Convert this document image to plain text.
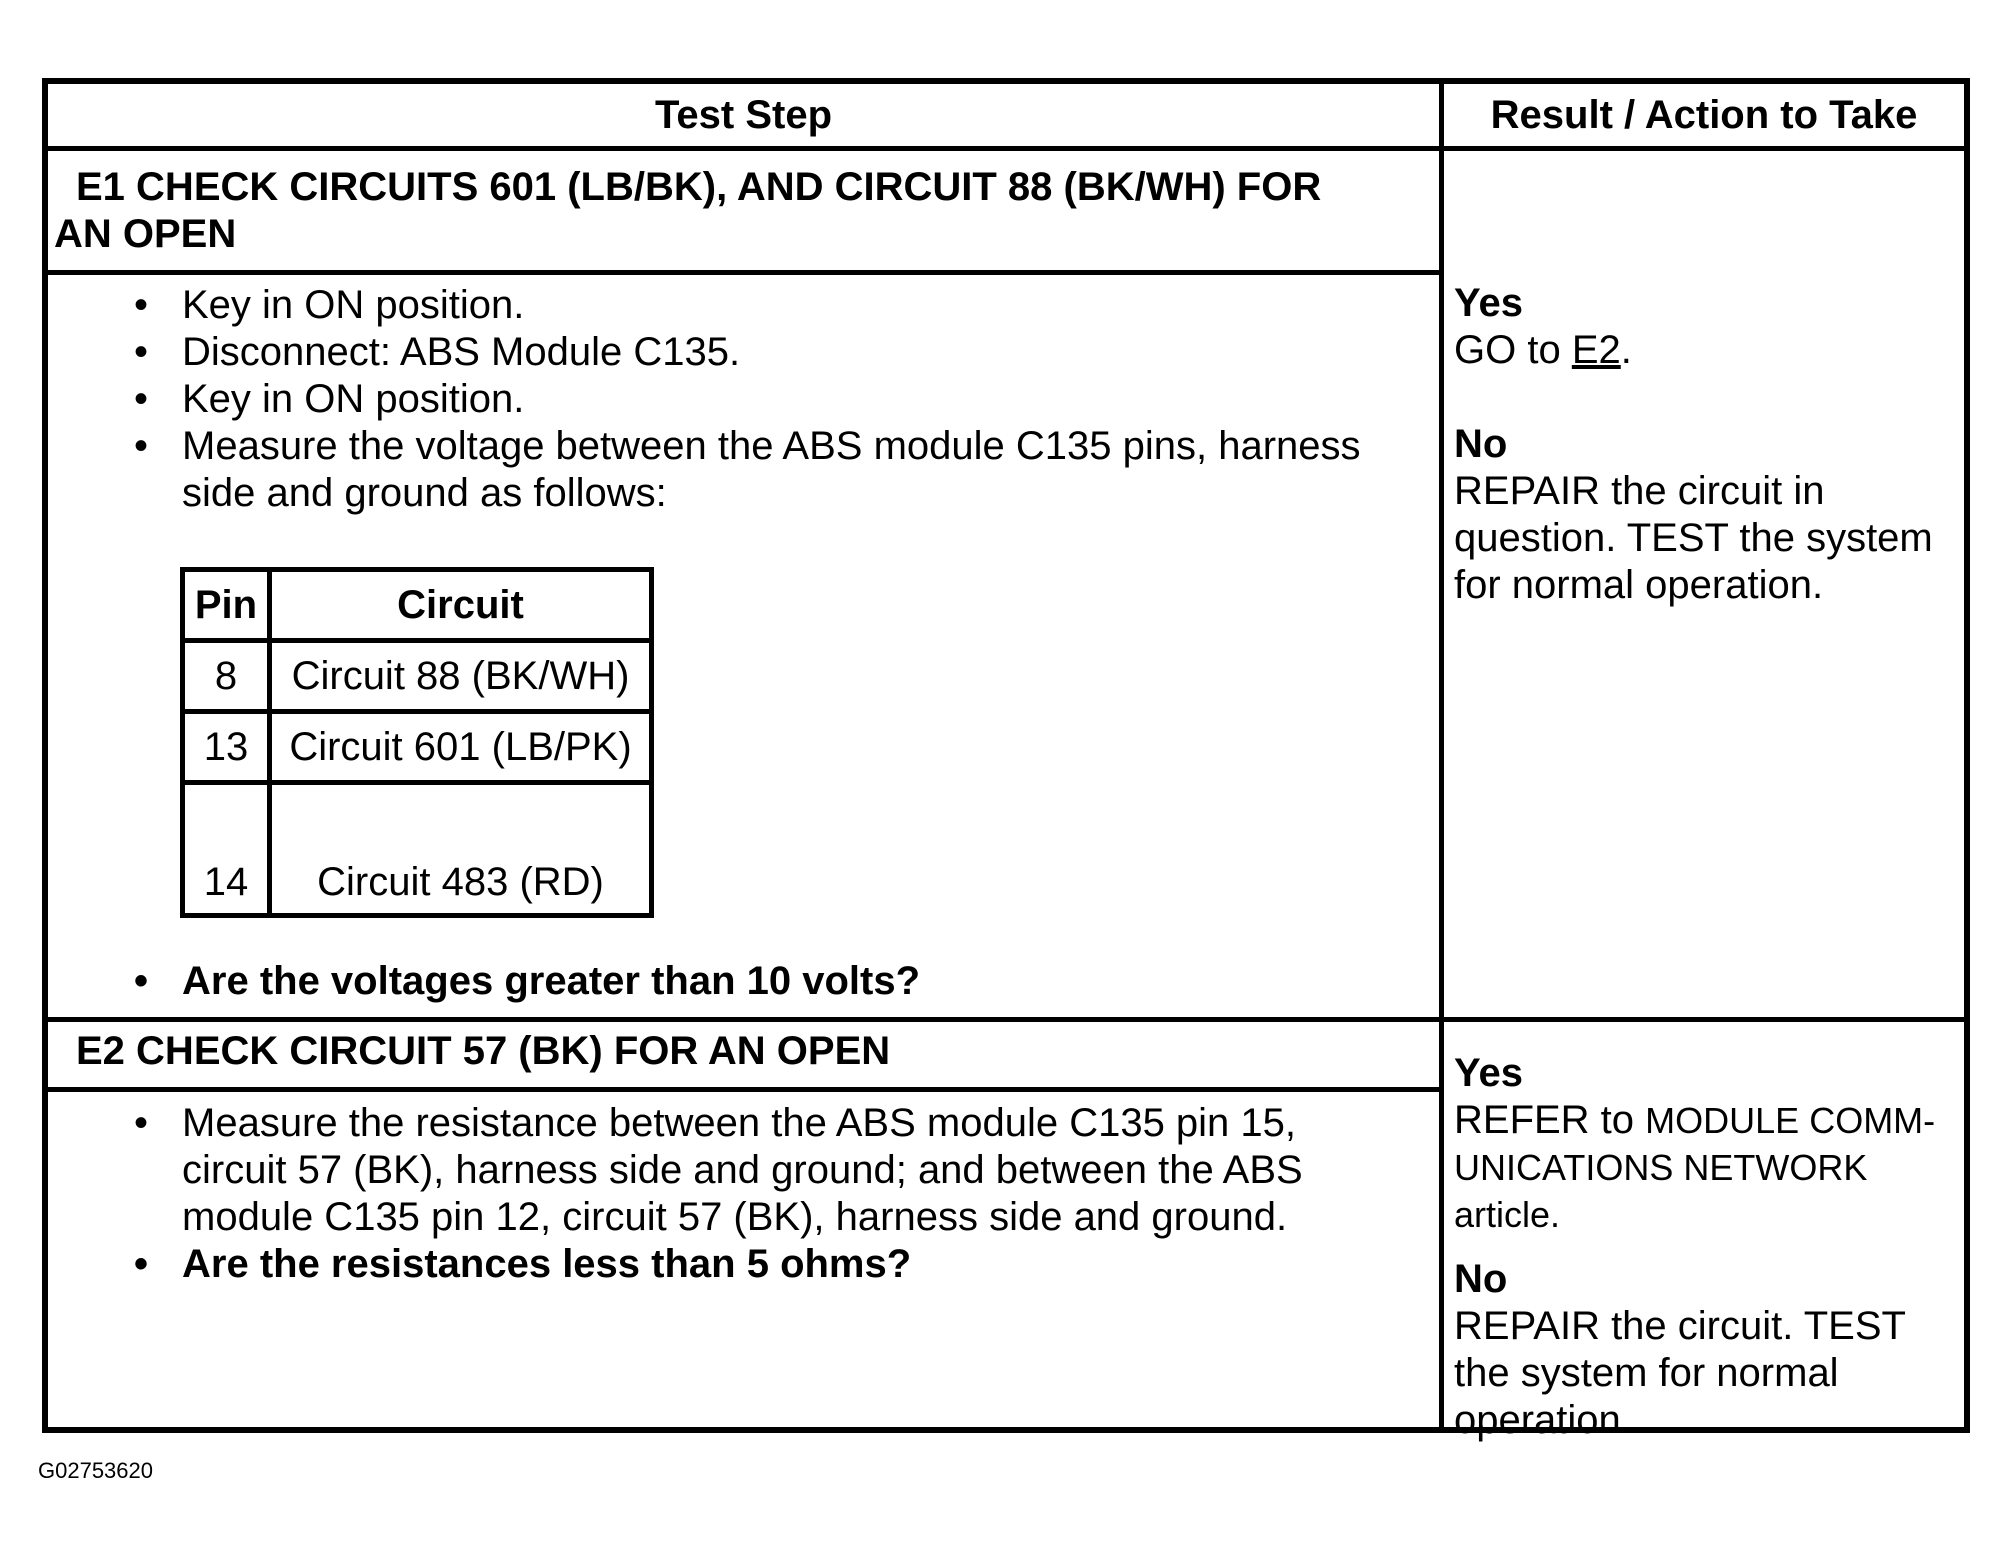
Test Step	Result / Action to Take
E1 CHECK CIRCUITS 601 (LB/BK), AND CIRCUIT 88 (BK/WH) FOR
AN OPEN
• Key in ON position.
• Disconnect: ABS Module C135.
• Key in ON position.
• Measure the voltage between the ABS module C135 pins, harness side and ground as follows:
Pin	Circuit
8	Circuit 88 (BK/WH)
13	Circuit 601 (LB/PK)
14	Circuit 483 (RD)
• Are the voltages greater than 10 volts?
Yes
GO to E2.
No
REPAIR the circuit in question. TEST the system for normal operation.
E2 CHECK CIRCUIT 57 (BK) FOR AN OPEN
• Measure the resistance between the ABS module C135 pin 15, circuit 57 (BK), harness side and ground; and between the ABS module C135 pin 12, circuit 57 (BK), harness side and ground.
• Are the resistances less than 5 ohms?
Yes
REFER to MODULE COMM-UNICATIONS NETWORK article.
No
REPAIR the circuit. TEST the system for normal operation.
G02753620
